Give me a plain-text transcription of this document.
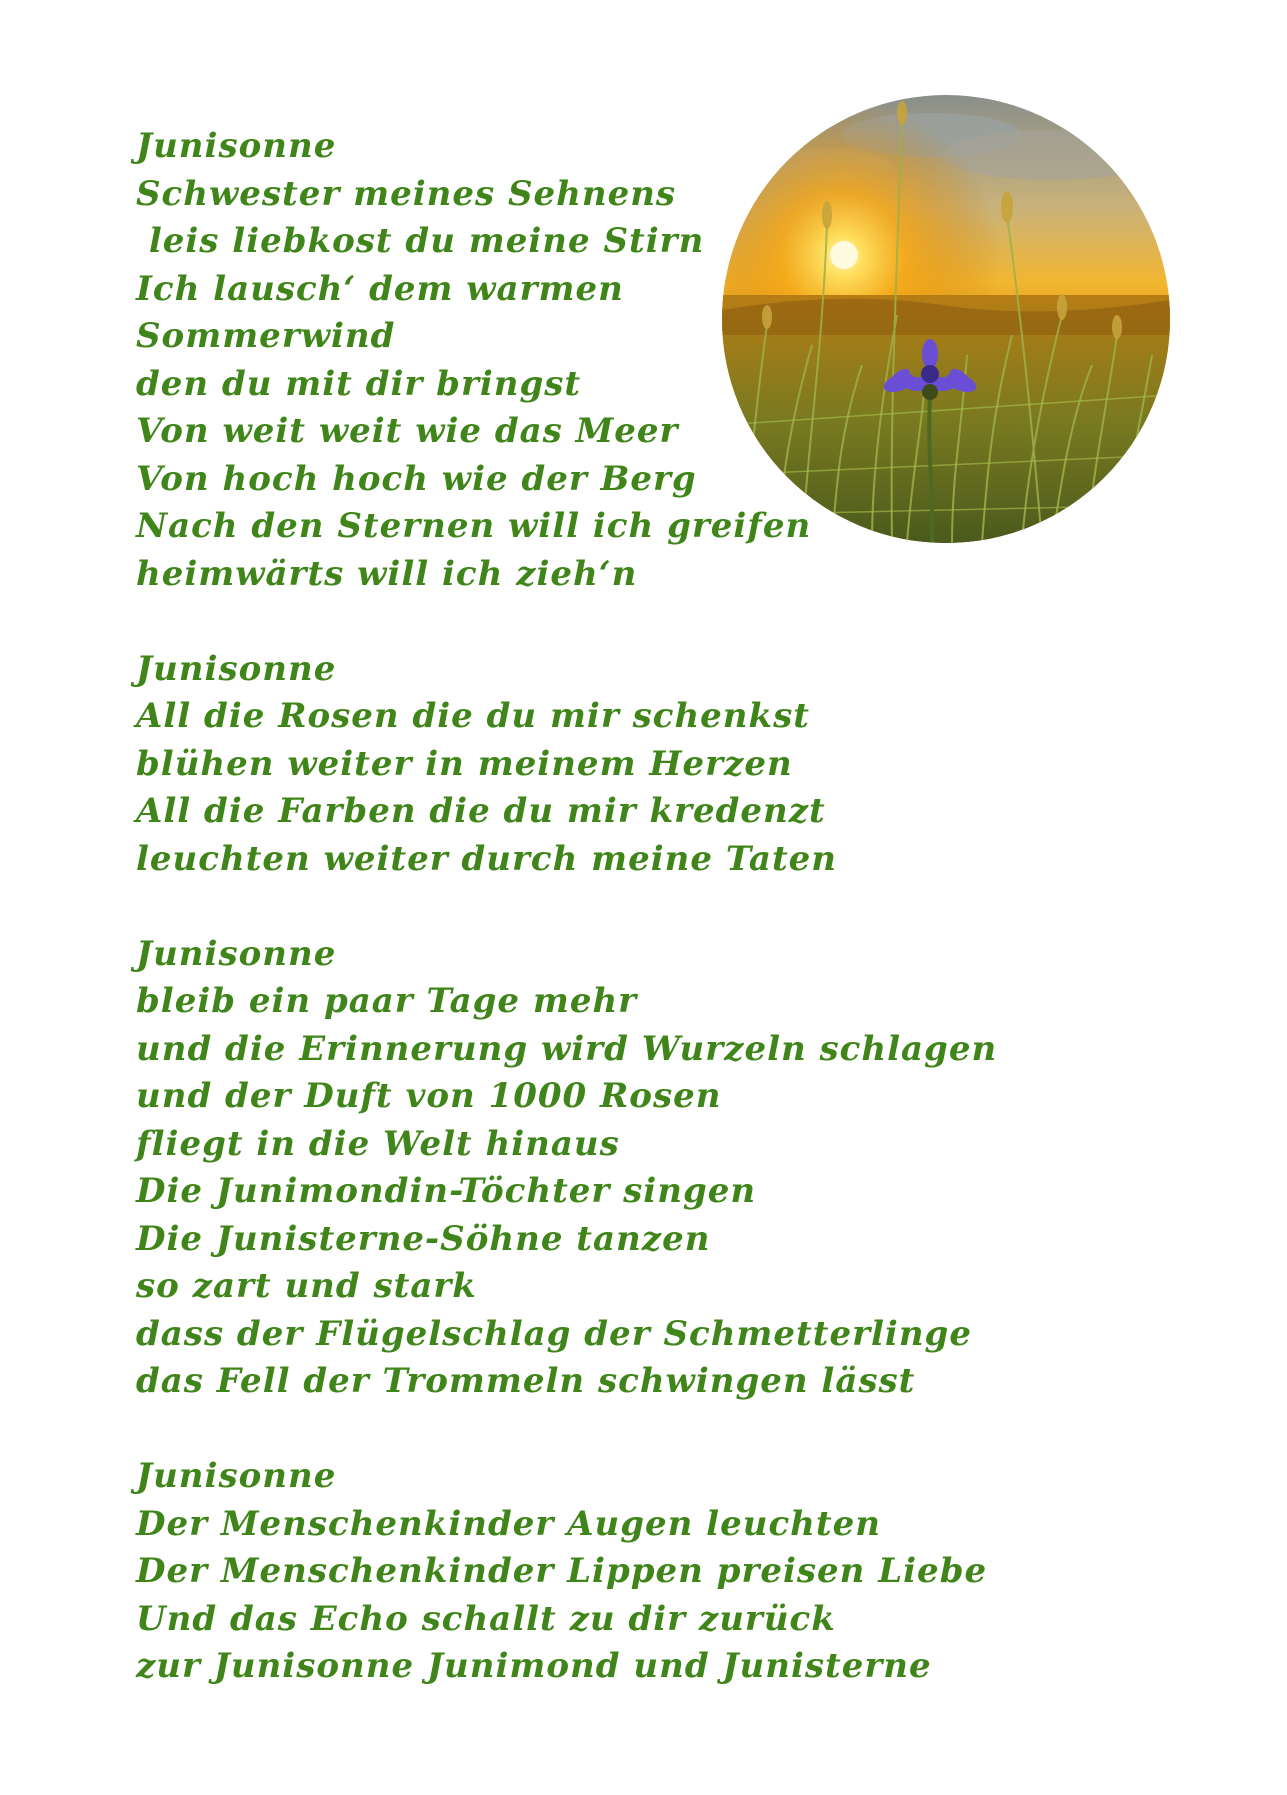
Junisonne
Schwester meines Sehnens
leis liebkost du meine Stirn
Ich lausch‘ dem warmen
Sommerwind
den du mit dir bringst
Von weit weit wie das Meer
Von hoch hoch wie der Berg
Nach den Sternen will ich greifen
heimwärts will ich zieh‘n
Junisonne
All die Rosen die du mir schenkst
blühen weiter in meinem Herzen
All die Farben die du mir kredenzt
leuchten weiter durch meine Taten
Junisonne
bleib ein paar Tage mehr
und die Erinnerung wird Wurzeln schlagen
und der Duft von 1000 Rosen
fliegt in die Welt hinaus
Die Junimondin-Töchter singen
Die Junisterne-Söhne tanzen
so zart und stark
dass der Flügelschlag der Schmetterlinge
das Fell der Trommeln schwingen lässt
Junisonne
Der Menschenkinder Augen leuchten
Der Menschenkinder Lippen preisen Liebe
Und das Echo schallt zu dir zurück
zur Junisonne Junimond und Junisterne
